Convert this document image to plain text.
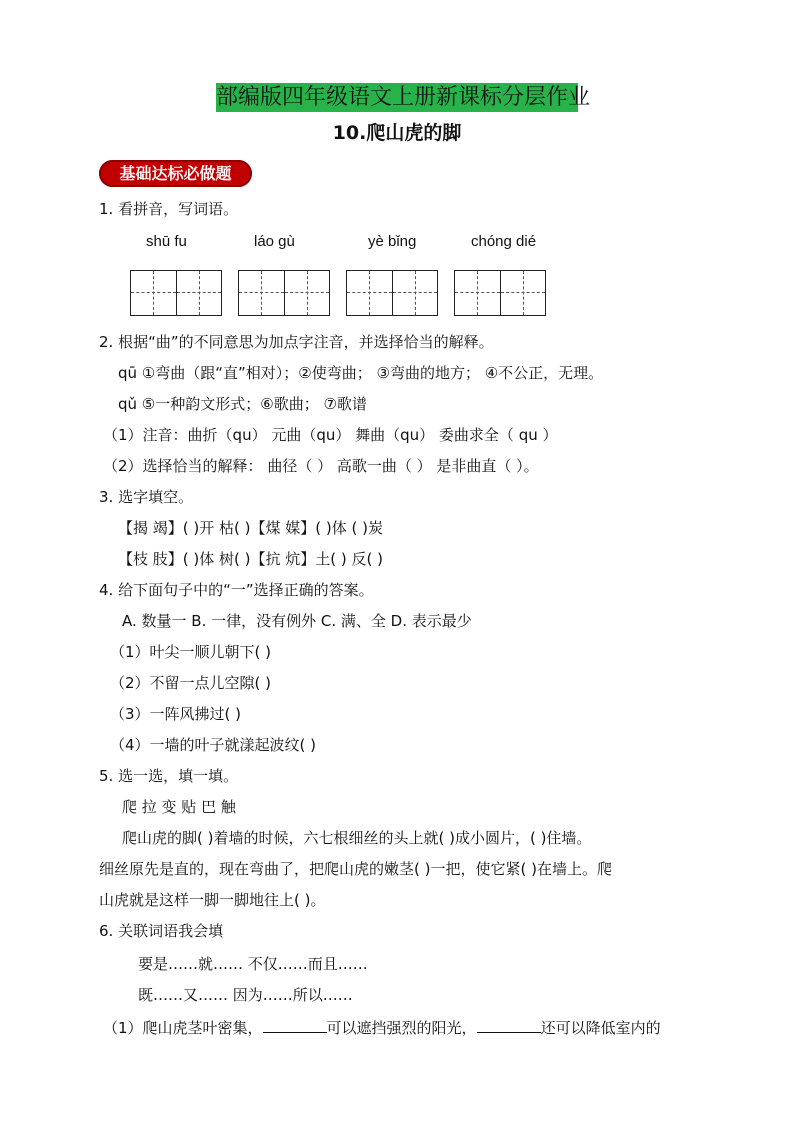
部编版四年级语文上册新课标分层作业
10.爬山虎的脚
基础达标必做题
1. 看拼音，写词语。
shū fu	láo gù	yè bǐng	chóng dié
2. 根据“曲”的不同意思为加点字注音，并选择恰当的解释。
qū ①弯曲（跟“直”相对）；②使弯曲； ③弯曲的地方； ④不公正，无理。
qǔ ⑤一种韵文形式；⑥歌曲； ⑦歌谱
（1）注音：曲折（qu） 元曲（qu） 舞曲（qu） 委曲求全（ qu ）
（2）选择恰当的解释： 曲径（ ） 高歌一曲（ ） 是非曲直（ ）。
3. 选字填空。
【揭 竭】( )开 枯( )【煤 媒】( )体 ( )炭
【枝 肢】( )体 树( )【抗 炕】土( ) 反( )
4. 给下面句子中的“一”选择正确的答案。
A. 数量一 B. 一律，没有例外 C. 满、全 D. 表示最少
（1）叶尖一顺儿朝下( )
（2）不留一点儿空隙( )
（3）一阵风拂过( )
（4）一墙的叶子就漾起波纹( )
5. 选一选，填一填。
爬 拉 变 贴 巴 触
爬山虎的脚( )着墙的时候，六七根细丝的头上就( )成小圆片，( )住墙。
细丝原先是直的，现在弯曲了，把爬山虎的嫩茎( )一把，使它紧( )在墙上。爬
山虎就是这样一脚一脚地往上( )。
6. 关联词语我会填
要是……就…… 不仅……而且……
既……又…… 因为……所以……
（1）爬山虎茎叶密集，	可以遮挡强烈的阳光，	还可以降低室内的
